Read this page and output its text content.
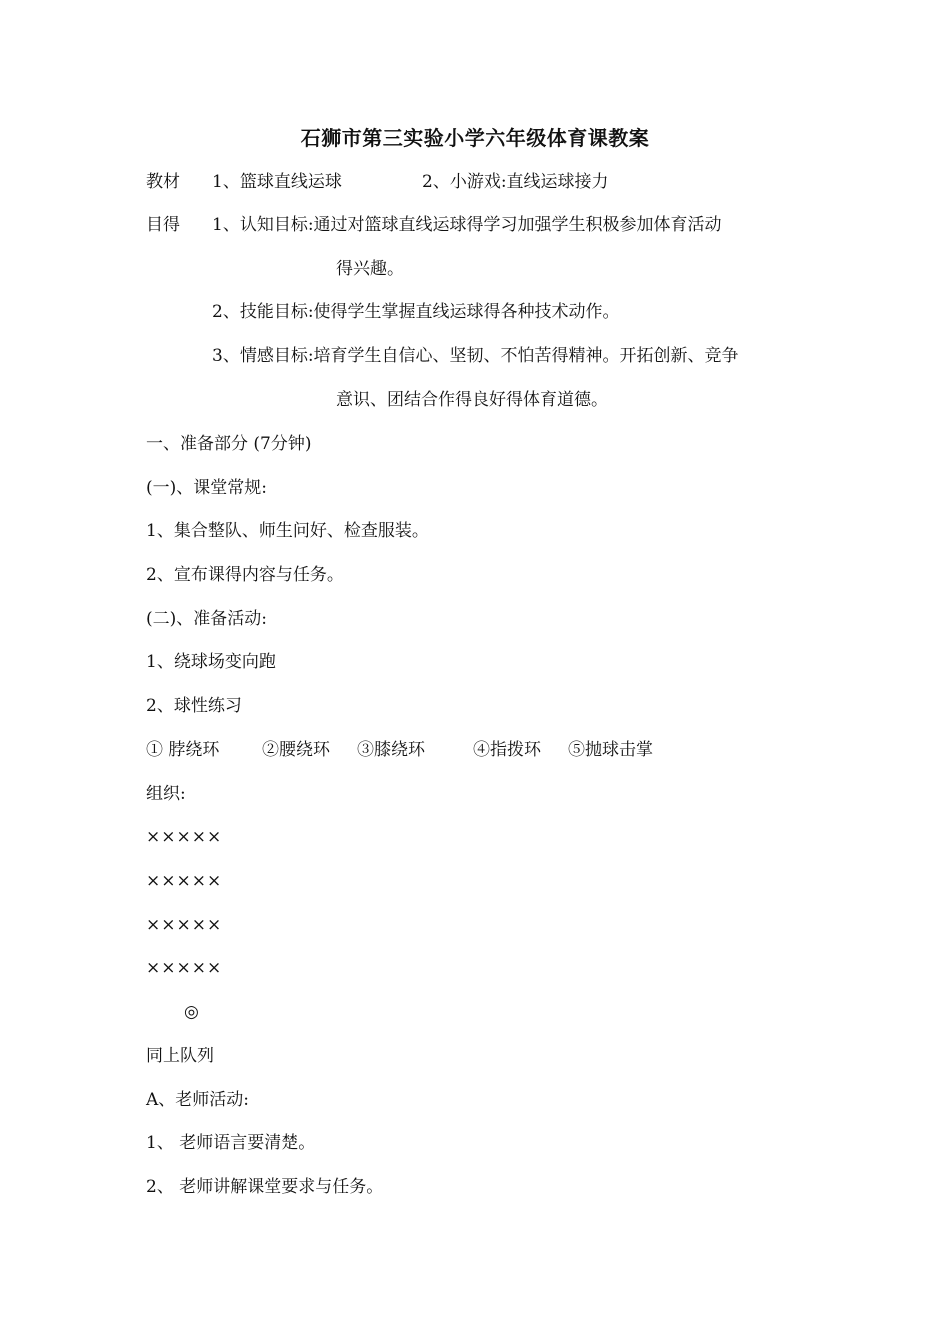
石狮市第三实验小学六年级体育课教案
教材 1、篮球直线运球	2、小游戏:直线运球接力
目得 1、认知目标:通过对篮球直线运球得学习加强学生积极参加体育活动
得兴趣。
2、技能目标:使得学生掌握直线运球得各种技术动作。
3、情感目标:培育学生自信心、坚韧、不怕苦得精神。开拓创新、竞争
意识、团结合作得良好得体育道德。
一、准备部分 (7分钟)
(一)、课堂常规:
1、集合整队、师生问好、检查服装。
2、宣布课得内容与任务。
(二)、准备活动:
1、绕球场变向跑
2、球性练习
① 脖绕环	②腰绕环 ③膝绕环	④指拨环 ⑤抛球击掌
组织:
×××××
×××××
×××××
×××××
◎
同上队列
A、老师活动:
1、 老师语言要清楚。
2、 老师讲解课堂要求与任务。
